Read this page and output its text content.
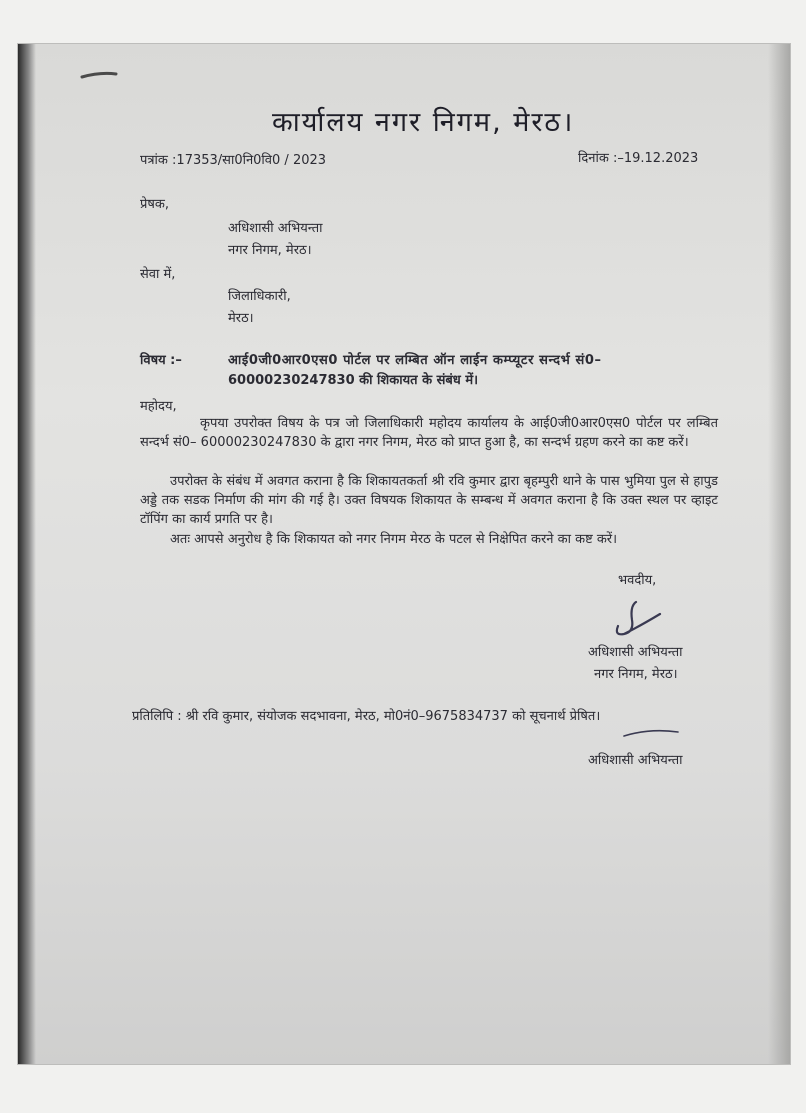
कार्यालय नगर निगम, मेरठ।
पत्रांक :17353/सा0नि0वि0 / 2023	दिनांक :–19.12.2023
प्रेषक,
अधिशासी अभियन्ता
नगर निगम, मेरठ।
सेवा में,
जिलाधिकारी,
मेरठ।
विषय :–	आई0जी0आर0एस0 पोर्टल पर लम्बित ऑन लाईन कम्प्यूटर सन्दर्भ सं0–
60000230247830 की शिकायत के संबंध में।
महोदय,
कृपया उपरोक्त विषय के पत्र जो जिलाधिकारी महोदय कार्यालय के आई0जी0आर0एस0 पोर्टल पर लम्बित सन्दर्भ सं0– 60000230247830 के द्वारा नगर निगम, मेरठ को प्राप्त हुआ है, का सन्दर्भ ग्रहण करने का कष्ट करें।
उपरोक्त के संबंध में अवगत कराना है कि शिकायतकर्ता श्री रवि कुमार द्वारा बृहम्पुरी थाने के पास भुमिया पुल से हापुड अड्डे तक सडक निर्माण की मांग की गई है। उक्त विषयक शिकायत के सम्बन्ध में अवगत कराना है कि उक्त स्थल पर व्हाइट टॉपिंग का कार्य प्रगति पर है।
अतः आपसे अनुरोध है कि शिकायत को नगर निगम मेरठ के पटल से निक्षेपित करने का कष्ट करें।
भवदीय,
अधिशासी अभियन्ता
नगर निगम, मेरठ।
प्रतिलिपि : श्री रवि कुमार, संयोजक सदभावना, मेरठ, मो0नं0–9675834737 को सूचनार्थ प्रेषित।
अधिशासी अभियन्ता
